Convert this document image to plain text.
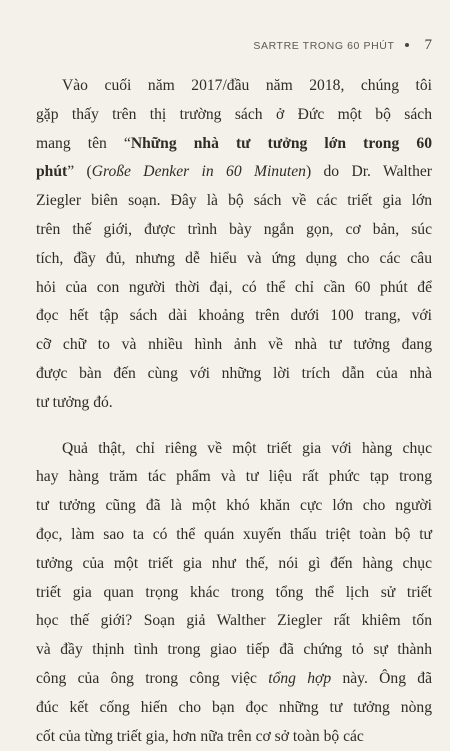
SARTRE TRONG 60 PHÚT 7

Vào cuối năm 2017/đầu năm 2018, chúng tôi
gặp thấy trên thị trường sách ở Đức một bộ sách
mang tên “Những nhà tư tưởng lớn trong 60
phút” (Große Denker in 60 Minuten) do Dr. Walther
Ziegler biên soạn. Đây là bộ sách về các triết gia lớn
trên thế giới, được trình bày ngắn gọn, cơ bản, súc
tích, đầy đủ, nhưng dễ hiểu và ứng dụng cho các câu
hỏi của con người thời đại, có thể chỉ cần 60 phút để
đọc hết tập sách dài khoảng trên dưới 100 trang, với
cỡ chữ to và nhiều hình ảnh về nhà tư tưởng đang
được bàn đến cùng với những lời trích dẫn của nhà
tư tưởng đó.

Quả thật, chỉ riêng về một triết gia với hàng chục
hay hàng trăm tác phẩm và tư liệu rất phức tạp trong
tư tưởng cũng đã là một khó khăn cực lớn cho người
đọc, làm sao ta có thể quán xuyến thấu triệt toàn bộ tư
tưởng của một triết gia như thế, nói gì đến hàng chục
triết gia quan trọng khác trong tổng thể lịch sử triết
học thế giới? Soạn giả Walther Ziegler rất khiêm tốn
và đầy thịnh tình trong giao tiếp đã chứng tỏ sự thành
công của ông trong công việc tổng hợp này. Ông đã
đúc kết cống hiến cho bạn đọc những tư tưởng nòng
cốt của từng triết gia, hơn nữa trên cơ sở toàn bộ các
